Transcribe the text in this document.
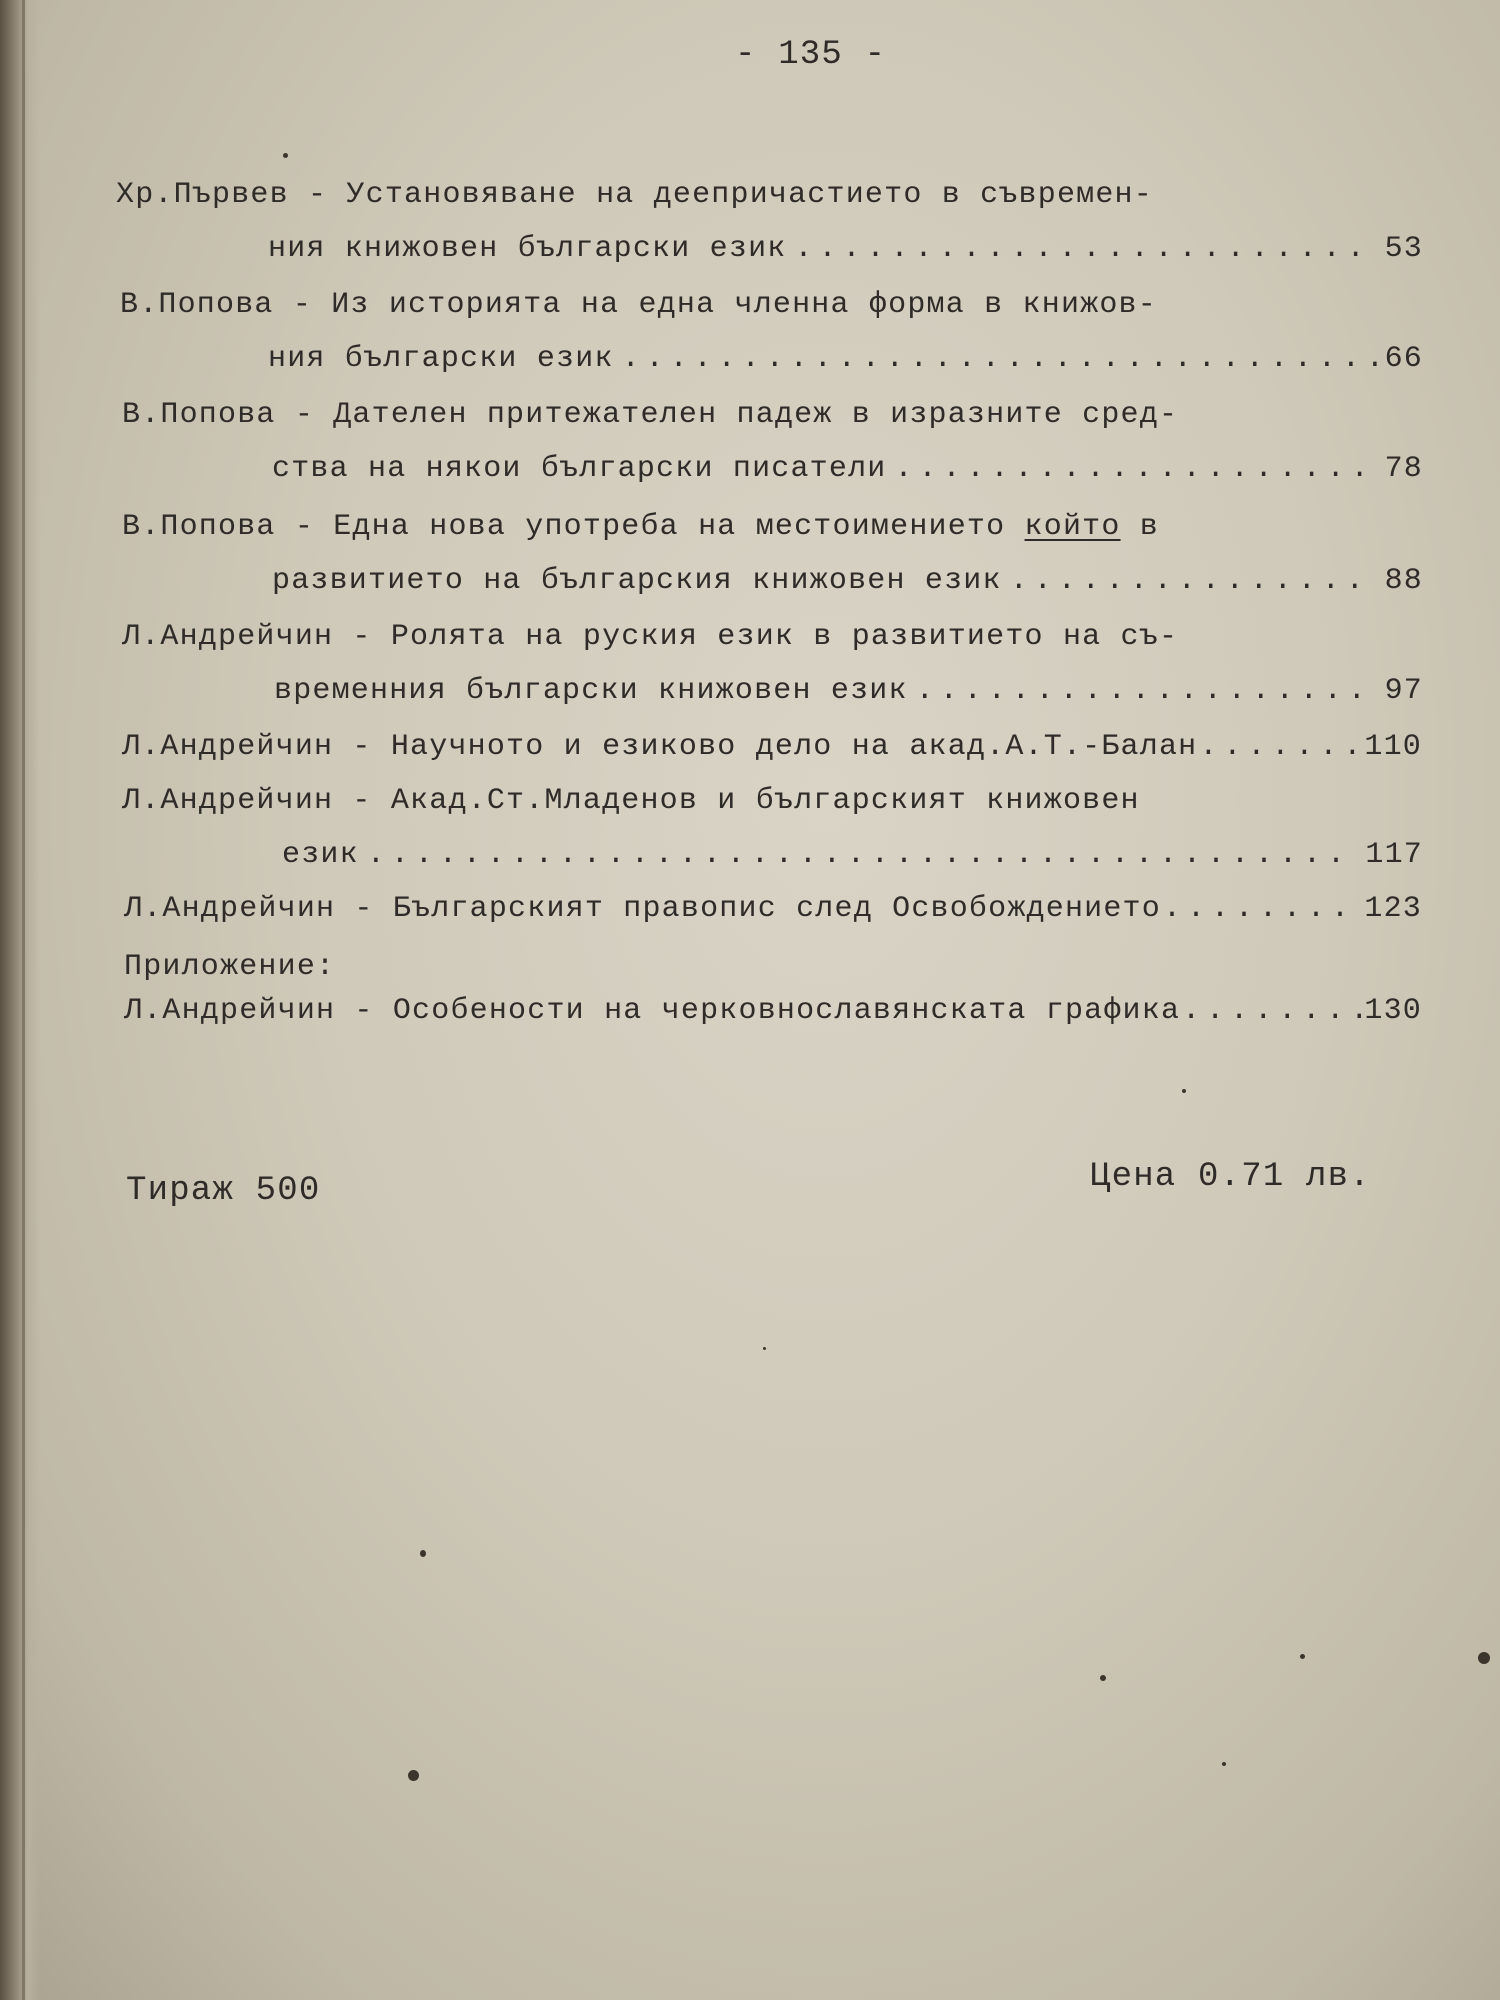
- 135 -
Хр.Първев - Установяване на деепричастието в съвремен-
ния книжовен български език . . .	53
В.Попова - Из историята на една членна форма в книжов-
ния български език . . .	66
В.Попова - Дателен притежателен падеж в изразните сред-
ства на някои български писатели . . .	78
В.Попова - Една нова употреба на местоимението който в
развитието на българския книжовен език . . .	88
Л.Андрейчин - Ролята на руския език в развитието на съ-
временния български книжовен език . . .	97
Л.Андрейчин - Научното и езиково дело на акад.А.Т.-Балан . . .	110
Л.Андрейчин - Акад.Ст.Младенов и българският книжовен
език . . .	117
Л.Андрейчин - Българският правопис след Освобождението . . .	123
Приложение:
Л.Андрейчин - Особености на черковнославянската графика . . .	130
Тираж 500	Цена 0.71 лв.
